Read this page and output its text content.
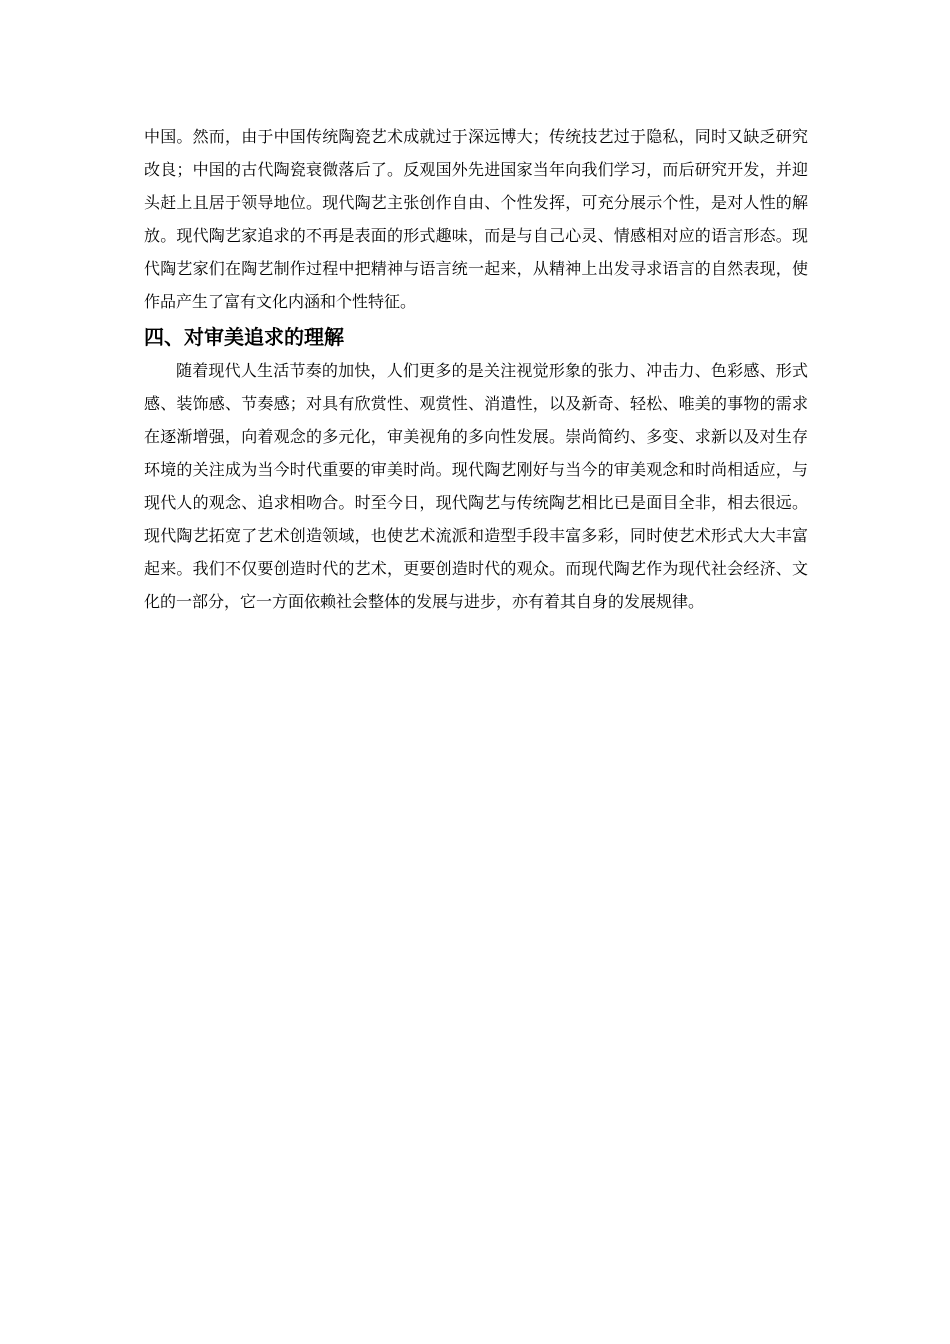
中国。然而，由于中国传统陶瓷艺术成就过于深远博大；传统技艺过于隐私，同时又缺乏研究改良；中国的古代陶瓷衰微落后了。反观国外先进国家当年向我们学习，而后研究开发，并迎头赶上且居于领导地位。现代陶艺主张创作自由、个性发挥，可充分展示个性，是对人性的解放。现代陶艺家追求的不再是表面的形式趣味，而是与自己心灵、情感相对应的语言形态。现代陶艺家们在陶艺制作过程中把精神与语言统一起来，从精神上出发寻求语言的自然表现，使作品产生了富有文化内涵和个性特征。

四、对审美追求的理解

随着现代人生活节奏的加快，人们更多的是关注视觉形象的张力、冲击力、色彩感、形式感、装饰感、节奏感；对具有欣赏性、观赏性、消遣性，以及新奇、轻松、唯美的事物的需求在逐渐增强，向着观念的多元化，审美视角的多向性发展。崇尚简约、多变、求新以及对生存环境的关注成为当今时代重要的审美时尚。现代陶艺刚好与当今的审美观念和时尚相适应，与现代人的观念、追求相吻合。时至今日，现代陶艺与传统陶艺相比已是面目全非，相去很远。现代陶艺拓宽了艺术创造领域，也使艺术流派和造型手段丰富多彩，同时使艺术形式大大丰富起来。我们不仅要创造时代的艺术，更要创造时代的观众。而现代陶艺作为现代社会经济、文化的一部分，它一方面依赖社会整体的发展与进步，亦有着其自身的发展规律。
